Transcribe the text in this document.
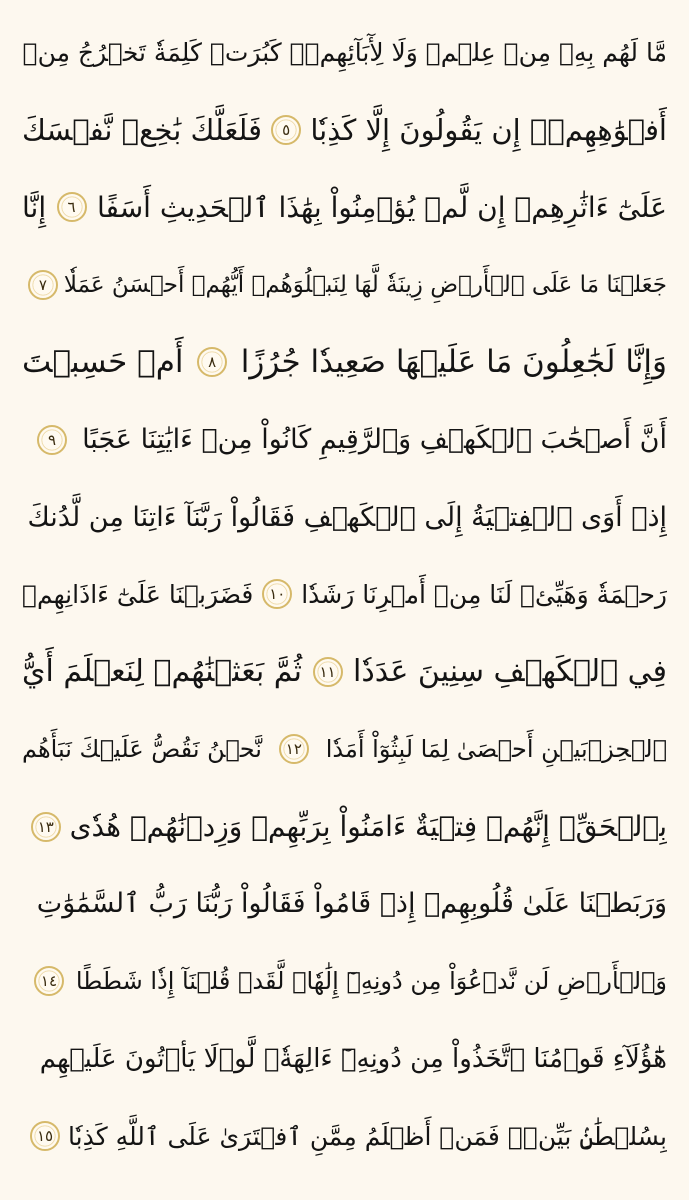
مَّا لَهُم بِهِۦ مِنۡ عِلۡمٖ وَلَا لِأٓبَآئِهِمۡۚ كَبُرَتۡ كَلِمَةٗ تَخۡرُجُ مِنۡ
أَفۡوَٰهِهِمۡۚ إِن يَقُولُونَ إِلَّا كَذِبٗا
٥
فَلَعَلَّكَ بَٰخِعٞ نَّفۡسَكَ
عَلَىٰٓ ءَاثَٰرِهِمۡ إِن لَّمۡ يُؤۡمِنُواْ بِهَٰذَا ٱلۡحَدِيثِ أَسَفًا
٦
إِنَّا
جَعَلۡنَا مَا عَلَى ٱلۡأَرۡضِ زِينَةٗ لَّهَا لِنَبۡلُوَهُمۡ أَيُّهُمۡ أَحۡسَنُ عَمَلٗا
٧
وَإِنَّا لَجَٰعِلُونَ مَا عَلَيۡهَا صَعِيدٗا جُرُزًا
٨
أَمۡ حَسِبۡتَ
أَنَّ أَصۡحَٰبَ ٱلۡكَهۡفِ وَٱلرَّقِيمِ كَانُواْ مِنۡ ءَايَٰتِنَا عَجَبًا
٩
إِذۡ أَوَى ٱلۡفِتۡيَةُ إِلَى ٱلۡكَهۡفِ فَقَالُواْ رَبَّنَآ ءَاتِنَا مِن لَّدُنكَ
رَحۡمَةٗ وَهَيِّئۡ لَنَا مِنۡ أَمۡرِنَا رَشَدٗا
١٠
فَضَرَبۡنَا عَلَىٰٓ ءَاذَانِهِمۡ
فِي ٱلۡكَهۡفِ سِنِينَ عَدَدٗا
١١
ثُمَّ بَعَثۡنَٰهُمۡ لِنَعۡلَمَ أَيُّ
ٱلۡحِزۡبَيۡنِ أَحۡصَىٰ لِمَا لَبِثُوٓاْ أَمَدٗا
١٢
نَّحۡنُ نَقُصُّ عَلَيۡكَ نَبَأَهُم
بِٱلۡحَقِّۚ إِنَّهُمۡ فِتۡيَةٌ ءَامَنُواْ بِرَبِّهِمۡ وَزِدۡنَٰهُمۡ هُدٗى
١٣
وَرَبَطۡنَا عَلَىٰ قُلُوبِهِمۡ إِذۡ قَامُواْ فَقَالُواْ رَبُّنَا رَبُّ ٱلسَّمَٰوَٰتِ
وَٱلۡأَرۡضِ لَن نَّدۡعُوَاْ مِن دُونِهِۦٓ إِلَٰهٗاۖ لَّقَدۡ قُلۡنَآ إِذٗا شَطَطًا
١٤
هَٰٓؤُلَآءِ قَوۡمُنَا ٱتَّخَذُواْ مِن دُونِهِۦٓ ءَالِهَةٗۖ لَّوۡلَا يَأۡتُونَ عَلَيۡهِم
بِسُلۡطَٰنِۢ بَيِّنٖۖ فَمَنۡ أَظۡلَمُ مِمَّنِ ٱفۡتَرَىٰ عَلَى ٱللَّهِ كَذِبٗا
١٥
